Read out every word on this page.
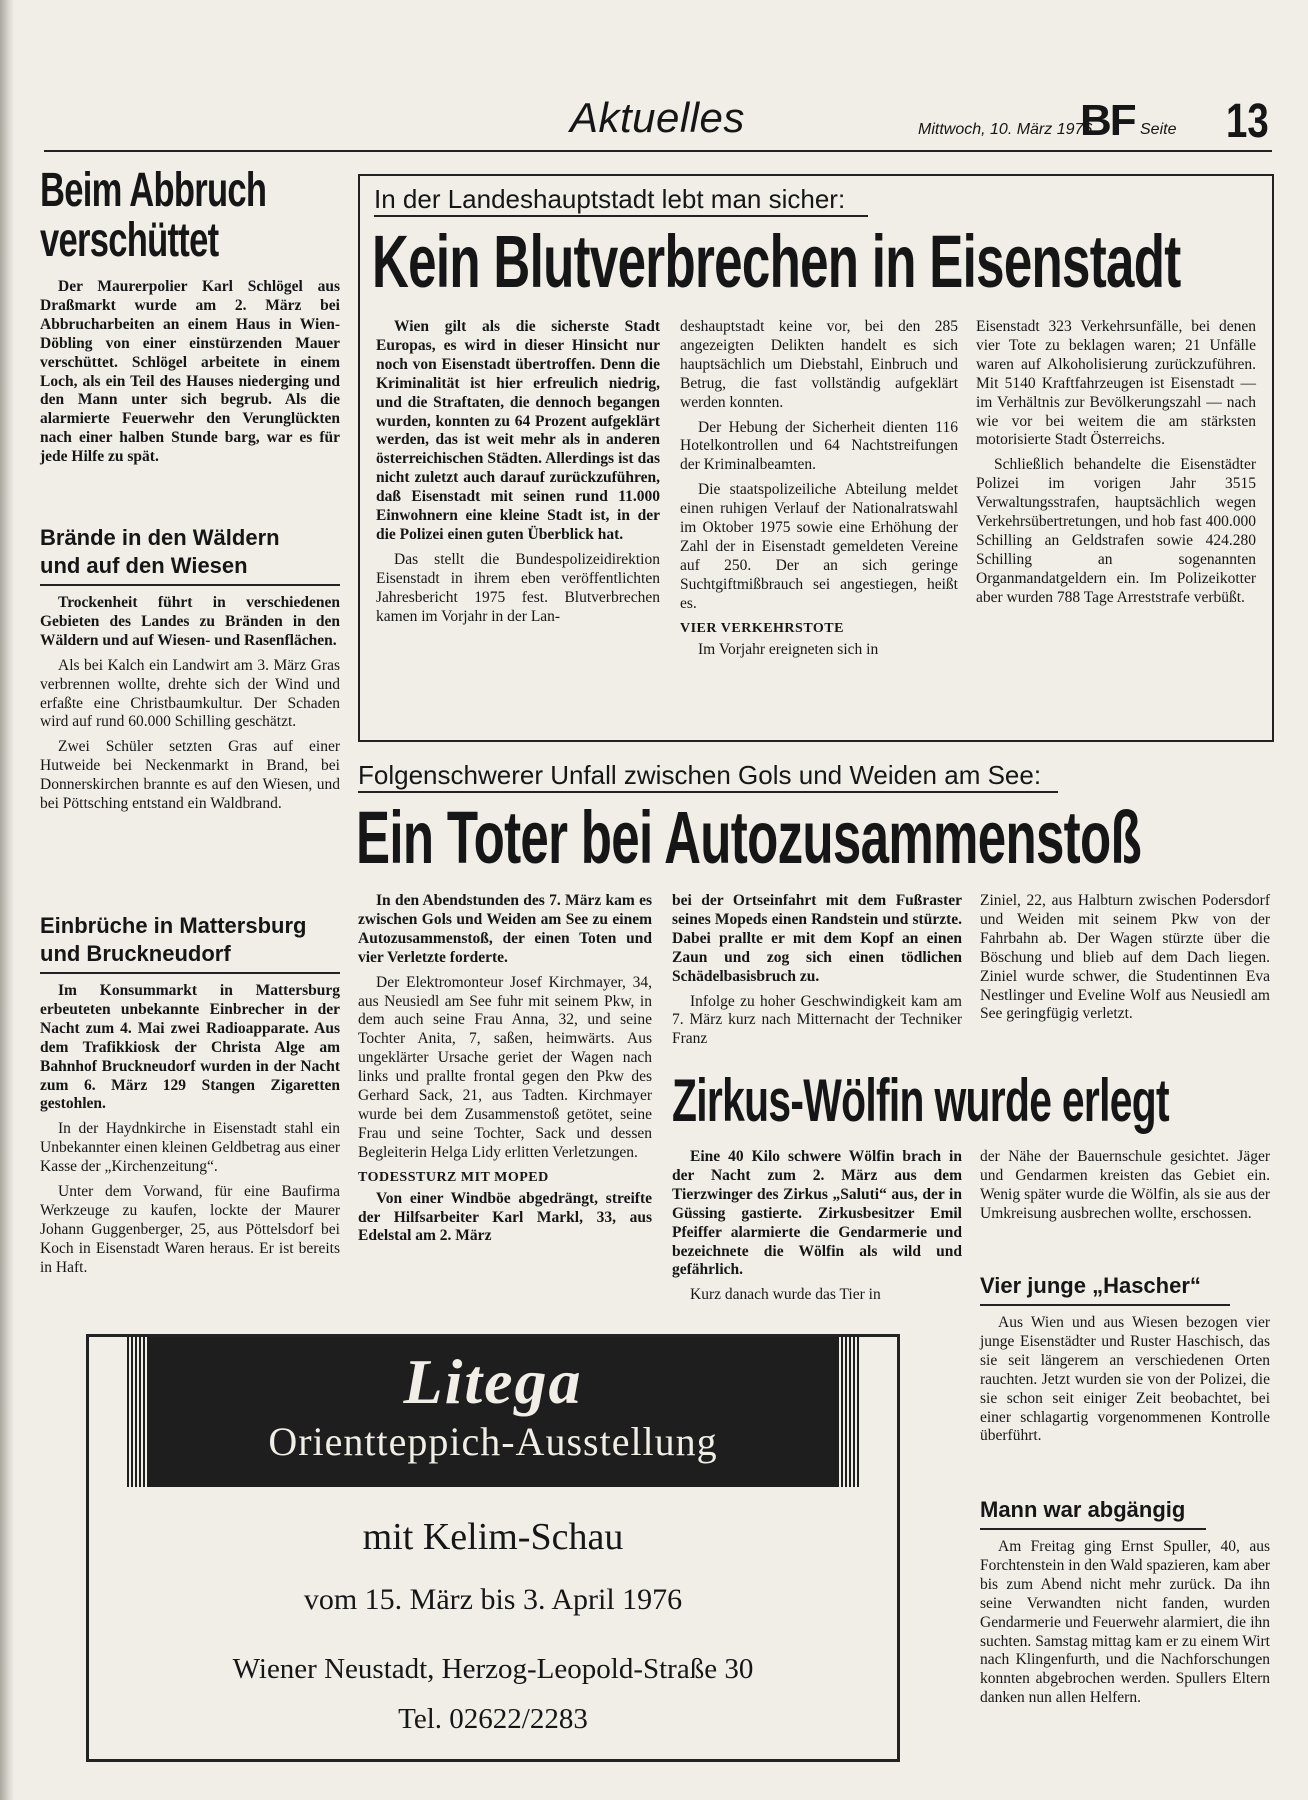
Aktuelles	Mittwoch, 10. März 1976
BF Seite 13
Beim Abbruch
verschüttet

Der Maurerpolier Karl Schlögel aus Draßmarkt wurde am 2. März bei Abbrucharbeiten an einem Haus in Wien-Döbling von einer einstürzenden Mauer verschüttet. Schlögel arbeitete in einem Loch, als ein Teil des Hauses niederging und den Mann unter sich begrub. Als die alarmierte Feuerwehr den Verunglückten nach einer halben Stunde barg, war es für jede Hilfe zu spät.

Brände in den Wäldern
und auf den Wiesen

Trockenheit führt in verschiedenen Gebieten des Landes zu Bränden in den Wäldern und auf Wiesen- und Rasenflächen.

Als bei Kalch ein Landwirt am 3. März Gras verbrennen wollte, drehte sich der Wind und erfaßte eine Christbaumkultur. Der Schaden wird auf rund 60.000 Schilling geschätzt.

Zwei Schüler setzten Gras auf einer Hutweide bei Neckenmarkt in Brand, bei Donnerskirchen brannte es auf den Wiesen, und bei Pöttsching entstand ein Waldbrand.

Einbrüche in Mattersburg
und Bruckneudorf

Im Konsummarkt in Mattersburg erbeuteten unbekannte Einbrecher in der Nacht zum 4. Mai zwei Radioapparate. Aus dem Trafikkiosk der Christa Alge am Bahnhof Bruckneudorf wurden in der Nacht zum 6. März 129 Stangen Zigaretten gestohlen.

In der Haydnkirche in Eisenstadt stahl ein Unbekannter einen kleinen Geldbetrag aus einer Kasse der „Kirchenzeitung“.

Unter dem Vorwand, für eine Baufirma Werkzeuge zu kaufen, lockte der Maurer Johann Guggenberger, 25, aus Pöttelsdorf bei Koch in Eisenstadt Waren heraus. Er ist bereits in Haft.

In der Landeshauptstadt lebt man sicher:
Kein Blutverbrechen in Eisenstadt

Wien gilt als die sicherste Stadt Europas, es wird in dieser Hinsicht nur noch von Eisenstadt übertroffen. Denn die Kriminalität ist hier erfreulich niedrig, und die Straftaten, die dennoch begangen wurden, konnten zu 64 Prozent aufgeklärt werden, das ist weit mehr als in anderen österreichischen Städten. Allerdings ist das nicht zuletzt auch darauf zurückzuführen, daß Eisenstadt mit seinen rund 11.000 Einwohnern eine kleine Stadt ist, in der die Polizei einen guten Überblick hat.

Das stellt die Bundespolizeidirektion Eisenstadt in ihrem eben veröffentlichten Jahresbericht 1975 fest. Blutverbrechen kamen im Vorjahr in der Lan-

deshauptstadt keine vor, bei den 285 angezeigten Delikten handelt es sich hauptsächlich um Diebstahl, Einbruch und Betrug, die fast vollständig aufgeklärt werden konnten.

Der Hebung der Sicherheit dienten 116 Hotelkontrollen und 64 Nachtstreifungen der Kriminalbeamten.

Die staatspolizeiliche Abteilung meldet einen ruhigen Verlauf der Nationalratswahl im Oktober 1975 sowie eine Erhöhung der Zahl der in Eisenstadt gemeldeten Vereine auf 250. Der an sich geringe Suchtgiftmißbrauch sei angestiegen, heißt es.

VIER VERKEHRSTOTE

Im Vorjahr ereigneten sich in

Eisenstadt 323 Verkehrsunfälle, bei denen vier Tote zu beklagen waren; 21 Unfälle waren auf Alkoholisierung zurückzuführen. Mit 5140 Kraftfahrzeugen ist Eisenstadt — im Verhältnis zur Bevölkerungszahl — nach wie vor bei weitem die am stärksten motorisierte Stadt Österreichs.

Schließlich behandelte die Eisenstädter Polizei im vorigen Jahr 3515 Verwaltungsstrafen, hauptsächlich wegen Verkehrsübertretungen, und hob fast 400.000 Schilling an Geldstrafen sowie 424.280 Schilling an sogenannten Organmandatgeldern ein. Im Polizeikotter aber wurden 788 Tage Arreststrafe verbüßt.

Folgenschwerer Unfall zwischen Gols und Weiden am See:
Ein Toter bei Autozusammenstoß

In den Abendstunden des 7. März kam es zwischen Gols und Weiden am See zu einem Autozusammenstoß, der einen Toten und vier Verletzte forderte.

Der Elektromonteur Josef Kirchmayer, 34, aus Neusiedl am See fuhr mit seinem Pkw, in dem auch seine Frau Anna, 32, und seine Tochter Anita, 7, saßen, heimwärts. Aus ungeklärter Ursache geriet der Wagen nach links und prallte frontal gegen den Pkw des Gerhard Sack, 21, aus Tadten. Kirchmayer wurde bei dem Zusammenstoß getötet, seine Frau und seine Tochter, Sack und dessen Begleiterin Helga Lidy erlitten Verletzungen.

TODESSTURZ MIT MOPED

Von einer Windböe abgedrängt, streifte der Hilfsarbeiter Karl Markl, 33, aus Edelstal am 2. März

bei der Ortseinfahrt mit dem Fußraster seines Mopeds einen Randstein und stürzte. Dabei prallte er mit dem Kopf an einen Zaun und zog sich einen tödlichen Schädelbasisbruch zu.

Infolge zu hoher Geschwindigkeit kam am 7. März kurz nach Mitternacht der Techniker Franz

Ziniel, 22, aus Halbturn zwischen Podersdorf und Weiden mit seinem Pkw von der Fahrbahn ab. Der Wagen stürzte über die Böschung und blieb auf dem Dach liegen. Ziniel wurde schwer, die Studentinnen Eva Nestlinger und Eveline Wolf aus Neusiedl am See geringfügig verletzt.

Zirkus-Wölfin wurde erlegt

Eine 40 Kilo schwere Wölfin brach in der Nacht zum 2. März aus dem Tierzwinger des Zirkus „Saluti“ aus, der in Güssing gastierte. Zirkusbesitzer Emil Pfeiffer alarmierte die Gendarmerie und bezeichnete die Wölfin als wild und gefährlich.

Kurz danach wurde das Tier in

der Nähe der Bauernschule gesichtet. Jäger und Gendarmen kreisten das Gebiet ein. Wenig später wurde die Wölfin, als sie aus der Umkreisung ausbrechen wollte, erschossen.

Vier junge „Hascher“

Aus Wien und aus Wiesen bezogen vier junge Eisenstädter und Ruster Haschisch, das sie seit längerem an verschiedenen Orten rauchten. Jetzt wurden sie von der Polizei, die sie schon seit einiger Zeit beobachtet, bei einer schlagartig vorgenommenen Kontrolle überführt.

Mann war abgängig

Am Freitag ging Ernst Spuller, 40, aus Forchtenstein in den Wald spazieren, kam aber bis zum Abend nicht mehr zurück. Da ihn seine Verwandten nicht fanden, wurden Gendarmerie und Feuerwehr alarmiert, die ihn suchten. Samstag mittag kam er zu einem Wirt nach Klingenfurth, und die Nachforschungen konnten abgebrochen werden. Spullers Eltern danken nun allen Helfern.

Litega
Orientteppich-Ausstellung
mit Kelim-Schau
vom 15. März bis 3. April 1976
Wiener Neustadt, Herzog-Leopold-Straße 30
Tel. 02622/2283
